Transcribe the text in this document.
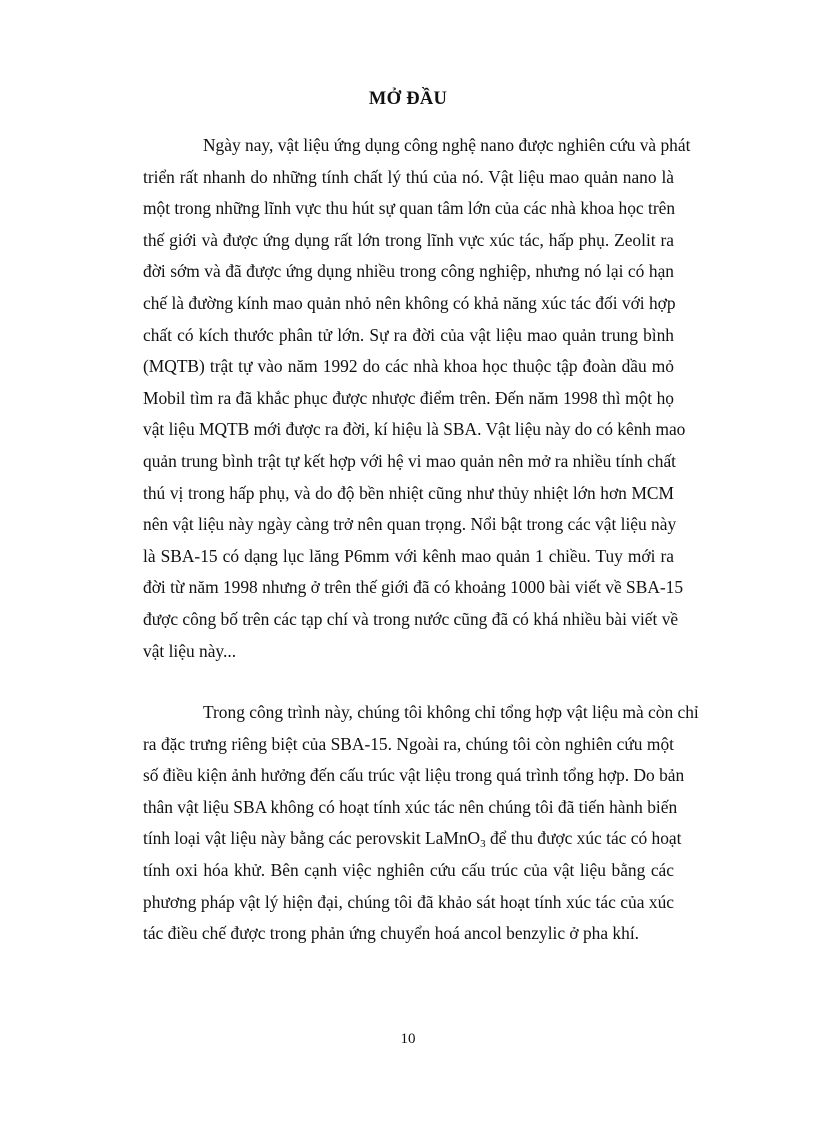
MỞ ĐẦU
Ngày nay, vật liệu ứng dụng công nghệ nano được nghiên cứu và phát
triển rất nhanh do những tính chất lý thú của nó. Vật liệu mao quản nano là
một trong những lĩnh vực thu hút sự quan tâm lớn của các nhà khoa học trên
thế giới và được ứng dụng rất lớn trong lĩnh vực xúc tác, hấp phụ. Zeolit ra
đời sớm và đã được ứng dụng nhiều trong công nghiệp, nhưng nó lại có hạn
chế là đường kính mao quản nhỏ nên không có khả năng xúc tác đối với hợp
chất có kích thước phân tử lớn. Sự ra đời của vật liệu mao quản trung bình
(MQTB) trật tự vào năm 1992 do các nhà khoa học thuộc tập đoàn dầu mỏ
Mobil tìm ra đã khắc phục được nhược điểm trên. Đến năm 1998 thì một họ
vật liệu MQTB mới được ra đời, kí hiệu là SBA. Vật liệu này do có kênh mao
quản trung bình trật tự kết hợp với hệ vi mao quản nên mở ra nhiều tính chất
thú vị trong hấp phụ, và do độ bền nhiệt cũng như thủy nhiệt lớn hơn MCM
nên vật liệu này ngày càng trở nên quan trọng. Nổi bật trong các vật liệu này
là SBA-15 có dạng lục lăng P6mm với kênh mao quản 1 chiều. Tuy mới ra
đời từ năm 1998 nhưng ở trên thế giới đã có khoảng 1000 bài viết về SBA-15
được công bố trên các tạp chí và trong nước cũng đã có khá nhiều bài viết về
vật liệu này...
Trong công trình này, chúng tôi không chỉ tổng hợp vật liệu mà còn chỉ
ra đặc trưng riêng biệt của SBA-15. Ngoài ra, chúng tôi còn nghiên cứu một
số điều kiện ảnh hưởng đến cấu trúc vật liệu trong quá trình tổng hợp. Do bản
thân vật liệu SBA không có hoạt tính xúc tác nên chúng tôi đã tiến hành biến
tính loại vật liệu này bằng các perovskit LaMnO$_3$ để thu được xúc tác có hoạt
tính oxi hóa khử. Bên cạnh việc nghiên cứu cấu trúc của vật liệu bằng các
phương pháp vật lý hiện đại, chúng tôi đã khảo sát hoạt tính xúc tác của xúc
tác điều chế được trong phản ứng chuyển hoá ancol benzylic ở pha khí.
10
